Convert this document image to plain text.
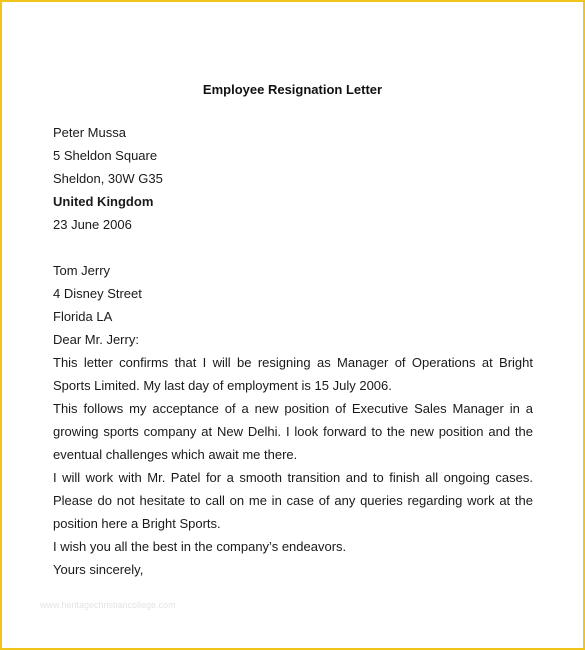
Employee Resignation Letter
Peter Mussa
5 Sheldon Square
Sheldon, 30W G35
United Kingdom
23 June 2006
Tom Jerry
4 Disney Street
Florida LA
Dear Mr. Jerry:
This letter confirms that I will be resigning as Manager of Operations at Bright
Sports Limited. My last day of employment is 15 July 2006.
This follows my acceptance of a new position of Executive Sales Manager in a
growing sports company at New Delhi. I look forward to the new position and the
eventual challenges which await me there.
I will work with Mr. Patel for a smooth transition and to finish all ongoing cases.
Please do not hesitate to call on me in case of any queries regarding work at the
position here a Bright Sports.
I wish you all the best in the company’s endeavors.
Yours sincerely,
www.heritagechristiancollege.com
